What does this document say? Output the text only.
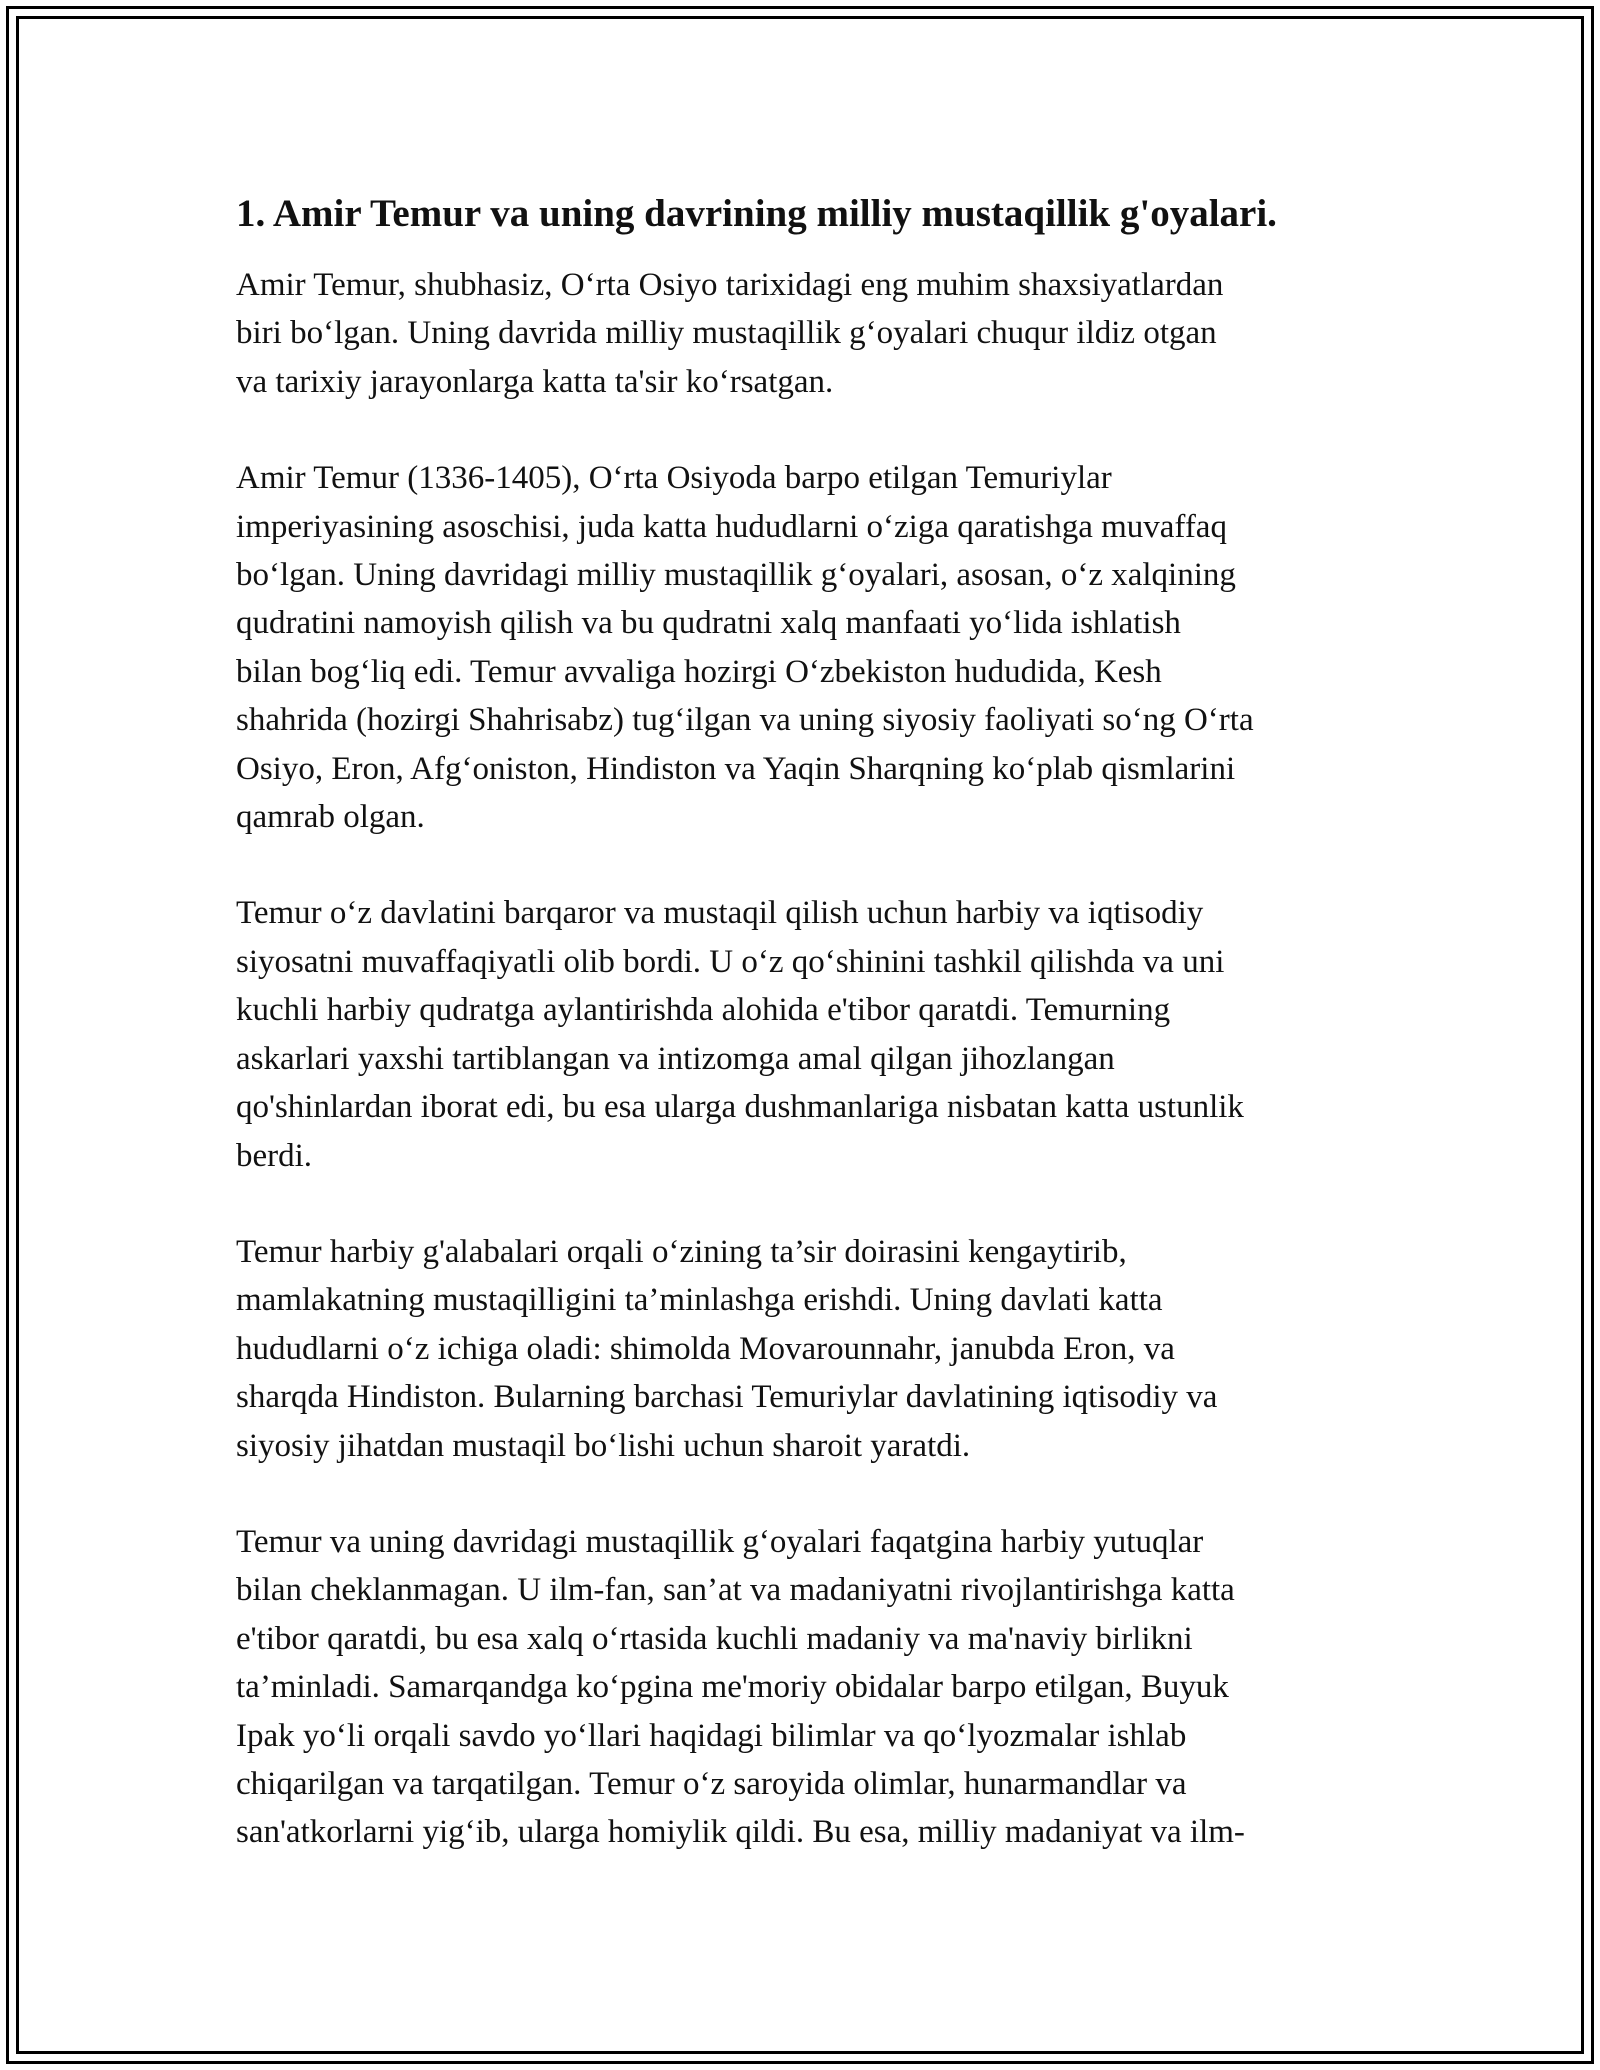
1. Amir Temur va uning davrining milliy mustaqillik g'oyalari.

Amir Temur, shubhasiz, O‘rta Osiyo tarixidagi eng muhim shaxsiyatlardan
biri bo‘lgan. Uning davrida milliy mustaqillik g‘oyalari chuqur ildiz otgan
va tarixiy jarayonlarga katta ta'sir ko‘rsatgan.

Amir Temur (1336-1405), O‘rta Osiyoda barpo etilgan Temuriylar
imperiyasining asoschisi, juda katta hududlarni o‘ziga qaratishga muvaffaq
bo‘lgan. Uning davridagi milliy mustaqillik g‘oyalari, asosan, o‘z xalqining
qudratini namoyish qilish va bu qudratni xalq manfaati yo‘lida ishlatish
bilan bog‘liq edi. Temur avvaliga hozirgi O‘zbekiston hududida, Kesh
shahrida (hozirgi Shahrisabz) tug‘ilgan va uning siyosiy faoliyati so‘ng O‘rta
Osiyo, Eron, Afg‘oniston, Hindiston va Yaqin Sharqning ko‘plab qismlarini
qamrab olgan.

Temur o‘z davlatini barqaror va mustaqil qilish uchun harbiy va iqtisodiy
siyosatni muvaffaqiyatli olib bordi. U o‘z qo‘shinini tashkil qilishda va uni
kuchli harbiy qudratga aylantirishda alohida e'tibor qaratdi. Temurning
askarlari yaxshi tartiblangan va intizomga amal qilgan jihozlangan
qo'shinlardan iborat edi, bu esa ularga dushmanlariga nisbatan katta ustunlik
berdi.

Temur harbiy g'alabalari orqali o‘zining ta’sir doirasini kengaytirib,
mamlakatning mustaqilligini ta’minlashga erishdi. Uning davlati katta
hududlarni o‘z ichiga oladi: shimolda Movarounnahr, janubda Eron, va
sharqda Hindiston. Bularning barchasi Temuriylar davlatining iqtisodiy va
siyosiy jihatdan mustaqil bo‘lishi uchun sharoit yaratdi.

Temur va uning davridagi mustaqillik g‘oyalari faqatgina harbiy yutuqlar
bilan cheklanmagan. U ilm-fan, san’at va madaniyatni rivojlantirishga katta
e'tibor qaratdi, bu esa xalq o‘rtasida kuchli madaniy va ma'naviy birlikni
ta’minladi. Samarqandga ko‘pgina me'moriy obidalar barpo etilgan, Buyuk
Ipak yo‘li orqali savdo yo‘llari haqidagi bilimlar va qo‘lyozmalar ishlab
chiqarilgan va tarqatilgan. Temur o‘z saroyida olimlar, hunarmandlar va
san'atkorlarni yig‘ib, ularga homiylik qildi. Bu esa, milliy madaniyat va ilm-
